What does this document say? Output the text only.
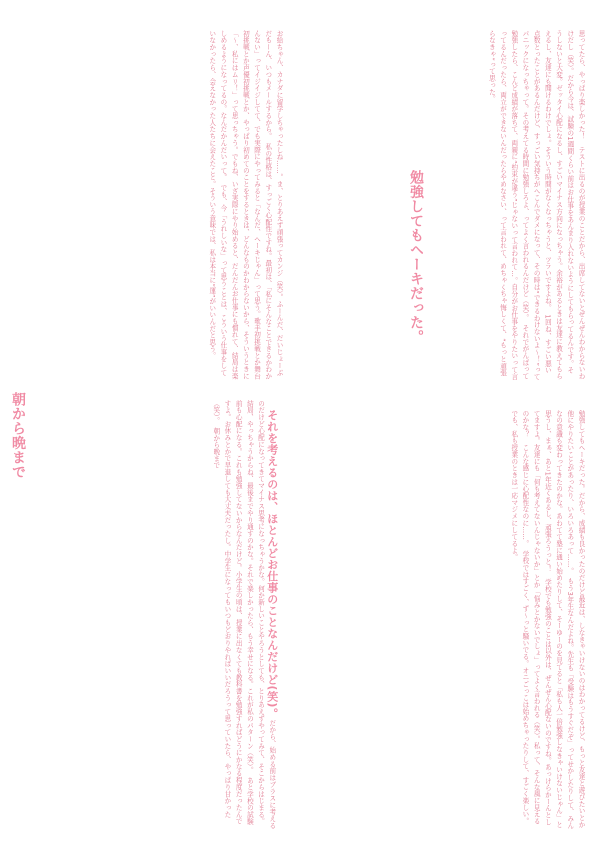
勉強してもヘーキだった。
朝から晩まで
思ってたら、やっぱり楽しかった！　テストに出るのが授業のことだから、出席してないとぜんぜんわからないわけだし（笑）。だから今は、試験の1週間くらい前はお仕事をあんまり入れないようにしてもらってるんです。そうしないと大変。ゼッタイ心配になるし、すごいマイナス方向になっちゃう。余裕があるときは友達に教えてもらえるし、友達にも聞けるわけでしょ。そういう時間がなくなっちゃうと、ツラいですよね。　1回ね、すごい悪い点数とったことがあるんだけど、すっごい気持ちがへこんでダメになって、その時は“できるわけないよ～！”ってパニックになっちゃって。その考えてる時間に勉強しろよ、ってよく言われるんだけど（笑）。　それでがんばって勉強したら、こんど成績が落ちて、両親に“約束が違う”じゃないって言われて…。自分がお仕事をやりたいって言ってるんだったら、両立ができないんだったらやめなさい、って言われて、めちゃくちゃ悔しくて、“もっと頑張らなきゃ”って思った。
勉強してもヘーキだった。だから、成績も良かったのだけど最近は、しなきゃいけないのはわかってるけど、もっと友達と遊びたいとか他にやりたいことがあったり、いろいろあって……。　もう3年生なんだよね。先生も「受験はもうすぐだぞ」ってせかしたりして、みんなの意識も変わってきたのかな。あわてて塾に通い始めたりして、そーゆーのを見てると「私も人一倍勉強しなきゃいけないじゃん」と思うし、まぁ、あと1年近くあるし、頑張ろうっと！　学校でも勉強のことは以外は、ぜんぜん心配ないのですね。あっけらかーんとしてますよ。友達にも「何も考えてないんじゃないか」とか「悩みとかないでしょ」ってよく言われる（笑）。私って、そんな風に見えるのかな？　こんな感じに心配性なのに……。　学校ではすごく、ず～っと騒いでる。オニごっこは始めちゃったりして、すごく楽しい。でも、私も授業のときは一応マジメにしてるよ。
お給ちゃん、カナダに留学しちゃったしね……。ま、とりあえず頑張ってカンジ（笑）。ふーんだ、だいじょーぶだもーん、いつもメールするから。　私の性格は、すっごく心配性ですね。最初は、「私にそんなことできるかわかんない」ってイジイジしてて、でも実際にやってみると「なんだ、ヘーキじゃん」って思う。歌手初挑戦とか舞台初挑戦とか声優初挑戦とか、やっぱり初めてのことをするときは、どんなものかわからないから、そういうときに「～、私にはムリ！」って思っちゃう。でもね、いざ実際にやり始めると、だんだんお仕事にも慣れて、結局は楽しめるようになってるの。なんだかんだいって。　でも、今「うれしいな」って思うことは、こういう仕事をしていなかったら、会えなかった人たちに会えたこと。そういう意味では、私は本当に“運”がいいんだと思う。

それを考えるのは、ほとんどお仕事のことなんだけど(笑)。だから、始める前はブラスに考えるのだけど心配になってきてマイナス思考になっちゃうかな。何か新しいことやろうとしても、とりあえずやってみて、そこからはじまる。結局、やっちゃうからね、最後までやり通すのかな。それで楽しかったら、もう幸せになる。これが私のパターン（笑）。　あと学校の試験前も心配になる。これも勉強してないからなんだけど。小学生の頃は、授業に出なくても教科書を勉強すればどうにかなる程度だったんですよ。お休みとかで早退しても大丈夫だったし。中学生になってもいつもどおりやればいいだろうって思っていたら、やっぱり甘かった（笑）。　朝から晩まで
